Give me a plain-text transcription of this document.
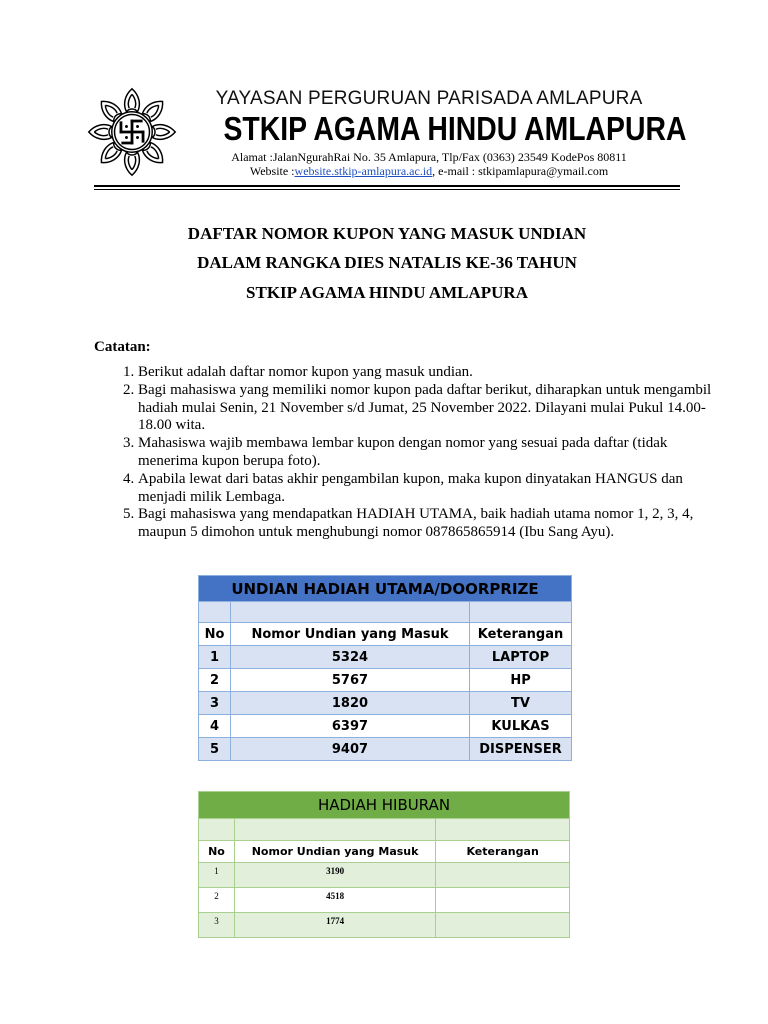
YAYASAN PERGURUAN PARISADA AMLAPURA
STKIP AGAMA HINDU AMLAPURA
Alamat :JalanNgurahRai No. 35 Amlapura, Tlp/Fax (0363) 23549 KodePos 80811
Website :website.stkip-amlapura.ac.id, e-mail : stkipamlapura@ymail.com
DAFTAR NOMOR KUPON YANG MASUK UNDIAN
DALAM RANGKA DIES NATALIS KE-36 TAHUN
STKIP AGAMA HINDU AMLAPURA
Catatan:
1. Berikut adalah daftar nomor kupon yang masuk undian.
2. Bagi mahasiswa yang memiliki nomor kupon pada daftar berikut, diharapkan untuk mengambil hadiah mulai Senin, 21 November s/d Jumat, 25 November 2022. Dilayani mulai Pukul 14.00-18.00 wita.
3. Mahasiswa wajib membawa lembar kupon dengan nomor yang sesuai pada daftar (tidak menerima kupon berupa foto).
4. Apabila lewat dari batas akhir pengambilan kupon, maka kupon dinyatakan HANGUS dan menjadi milik Lembaga.
5. Bagi mahasiswa yang mendapatkan HADIAH UTAMA, baik hadiah utama nomor 1, 2, 3, 4, maupun 5 dimohon untuk menghubungi nomor 087865865914 (Ibu Sang Ayu).
UNDIAN HADIAH UTAMA/DOORPRIZE		

No	Nomor Undian yang Masuk	Keterangan
1	5324	LAPTOP
2	5767	HP
3	1820	TV
4	6397	KULKAS
5	9407	DISPENSER
HADIAH HIBURAN		

No	Nomor Undian yang Masuk	Keterangan
1	3190	
2	4518	
3	1774	
